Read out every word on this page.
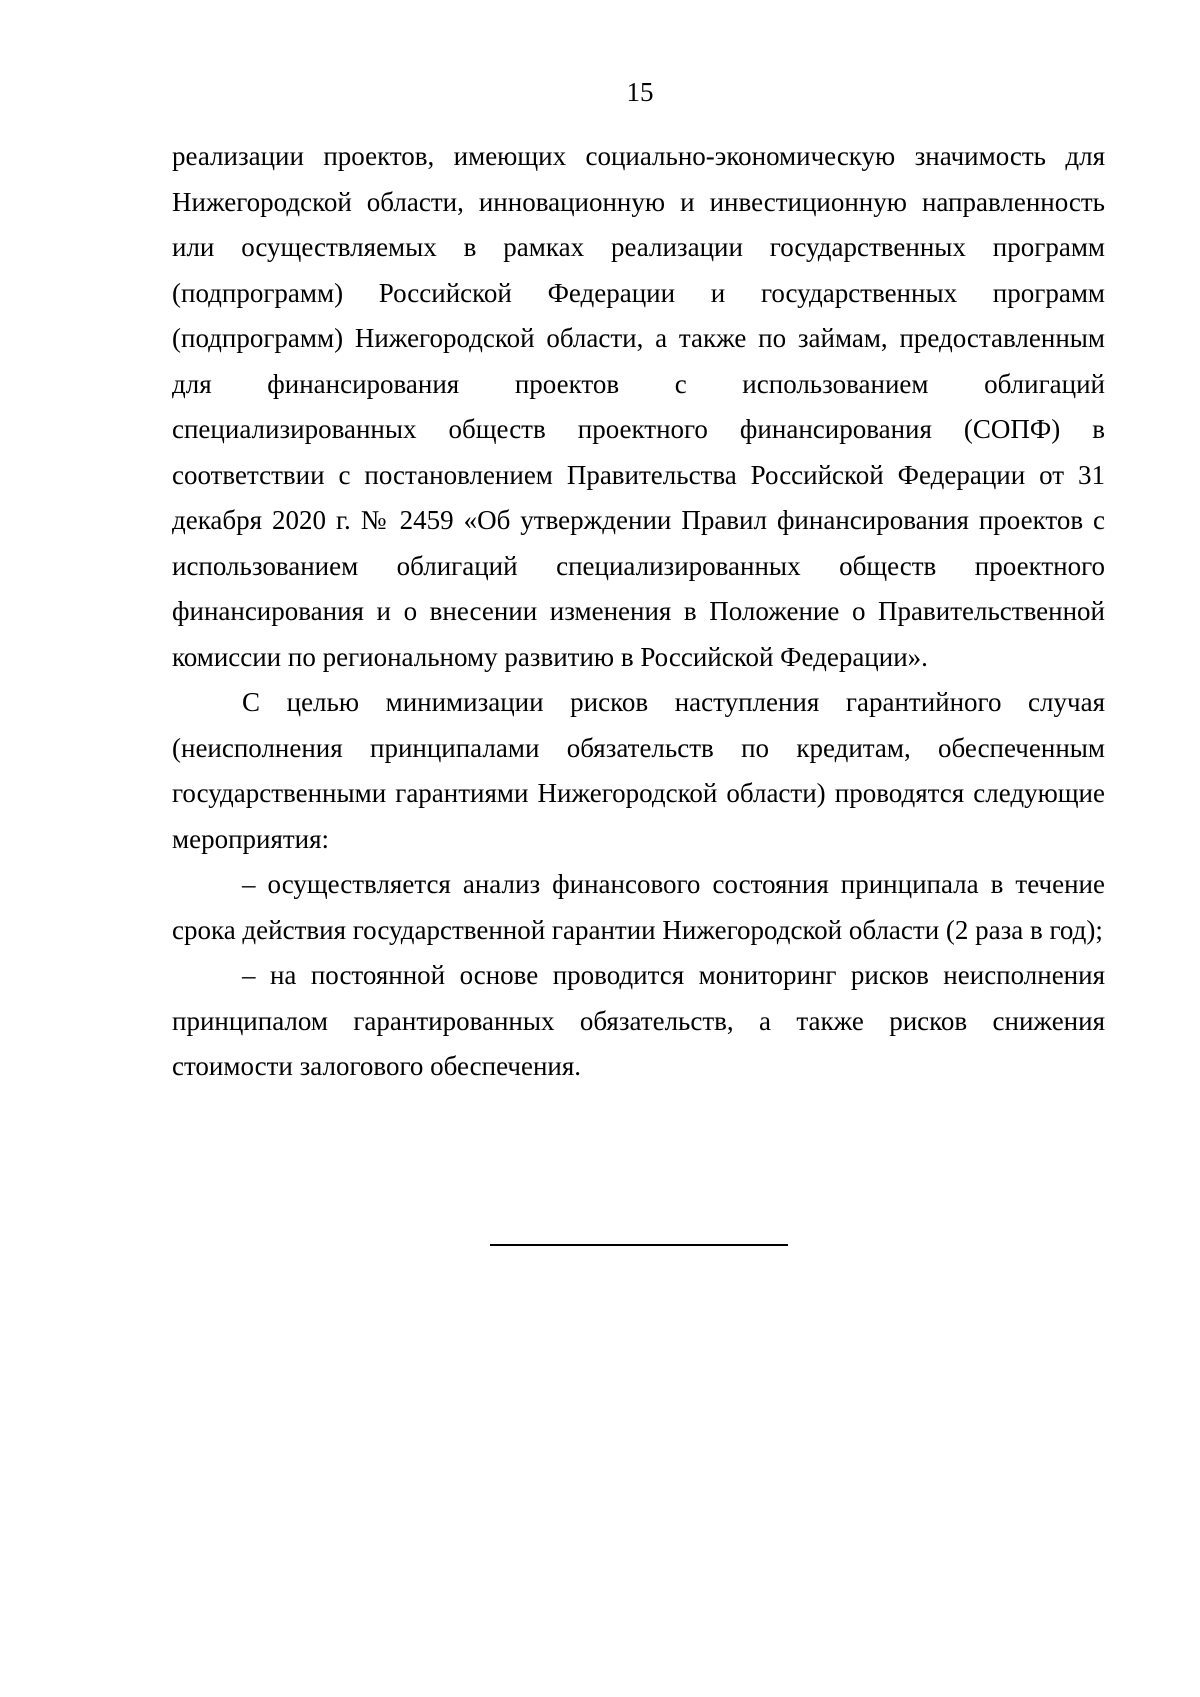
15

реализации проектов, имеющих социально-экономическую значимость для Нижегородской области, инновационную и инвестиционную направленность или осуществляемых в рамках реализации государственных программ (подпрограмм) Российской Федерации и государственных программ (подпрограмм) Нижегородской области, а также по займам, предоставленным для финансирования проектов с использованием облигаций специализированных обществ проектного финансирования (СОПФ) в соответствии с постановлением Правительства Российской Федерации от 31 декабря 2020 г. № 2459 «Об утверждении Правил финансирования проектов с использованием облигаций специализированных обществ проектного финансирования и о внесении изменения в Положение о Правительственной комиссии по региональному развитию в Российской Федерации».

С целью минимизации рисков наступления гарантийного случая (неисполнения принципалами обязательств по кредитам, обеспеченным государственными гарантиями Нижегородской области) проводятся следующие мероприятия:

– осуществляется анализ финансового состояния принципала в течение срока действия государственной гарантии Нижегородской области (2 раза в год);

– на постоянной основе проводится мониторинг рисков неисполнения принципалом гарантированных обязательств, а также рисков снижения стоимости залогового обеспечения.
